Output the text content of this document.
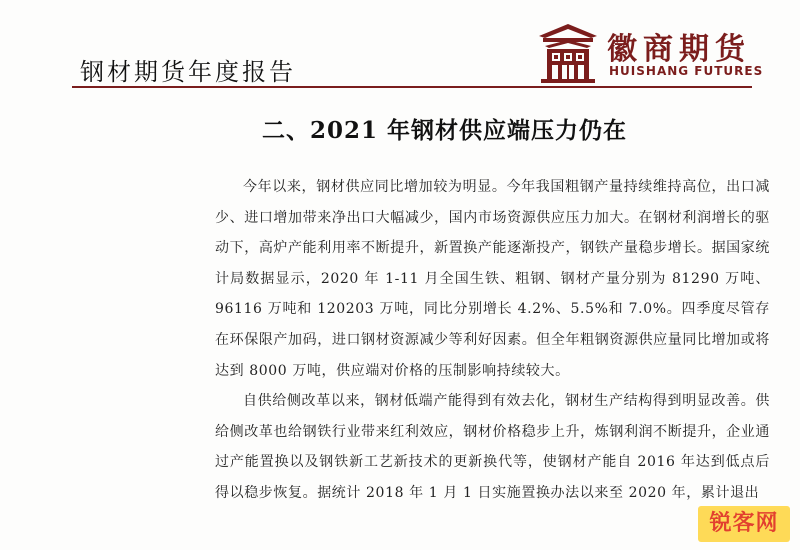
钢材期货年度报告
徽商期货
HUISHANG FUTURES
二、2021 年钢材供应端压力仍在

今年以来，钢材供应同比增加较为明显。今年我国粗钢产量持续维持高位，出口减少、进口增加带来净出口大幅减少，国内市场资源供应压力加大。在钢材利润增长的驱动下，高炉产能利用率不断提升，新置换产能逐渐投产，钢铁产量稳步增长。据国家统计局数据显示，2020 年 1-11 月全国生铁、粗钢、钢材产量分别为 81290 万吨、96116 万吨和 120203 万吨，同比分别增长 4.2%、5.5%和 7.0%。四季度尽管存在环保限产加码，进口钢材资源减少等利好因素。但全年粗钢资源供应量同比增加或将达到 8000 万吨，供应端对价格的压制影响持续较大。

自供给侧改革以来，钢材低端产能得到有效去化，钢材生产结构得到明显改善。供给侧改革也给钢铁行业带来红利效应，钢材价格稳步上升，炼钢利润不断提升，企业通过产能置换以及钢铁新工艺新技术的更新换代等，使钢材产能自 2016 年达到低点后得以稳步恢复。据统计 2018 年 1 月 1 日实施置换办法以来至 2020 年，累计退出

锐客网
